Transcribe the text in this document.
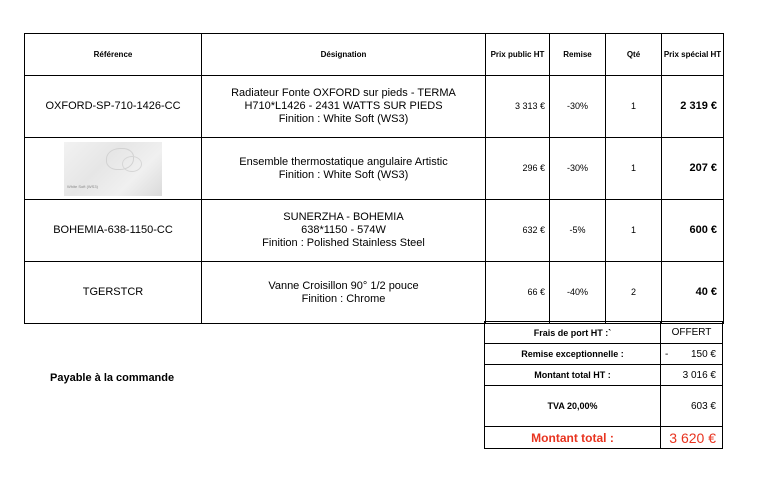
Référence	Désignation	Prix public HT	Remise	Qté	Prix spécial HT
OXFORD-SP-710-1426-CC	Radiateur Fonte OXFORD sur pieds - TERMA
H710*L1426 - 2431 WATTS SUR PIEDS
Finition : White Soft (WS3)	3 313 €	-30%	1	2 319 €

White Soft (WS3)	Ensemble thermostatique angulaire Artistic
Finition : White Soft (WS3)	296 €	-30%	1	207 €
BOHEMIA-638-1150-CC	SUNERZHA - BOHEMIA
638*1150 - 574W
Finition : Polished Stainless Steel	632 €	-5%	1	600 €
TGERSTCR	Vanne Croisillon 90° 1/2 pouce
Finition : Chrome	66 €	-40%	2	40 €
Frais de port HT :`	OFFERT
Remise exceptionnelle :	- 150 €

Montant total HT :	3 016 €
TVA 20,00%	603 €
Montant total :	3 620 €
Payable à la commande
